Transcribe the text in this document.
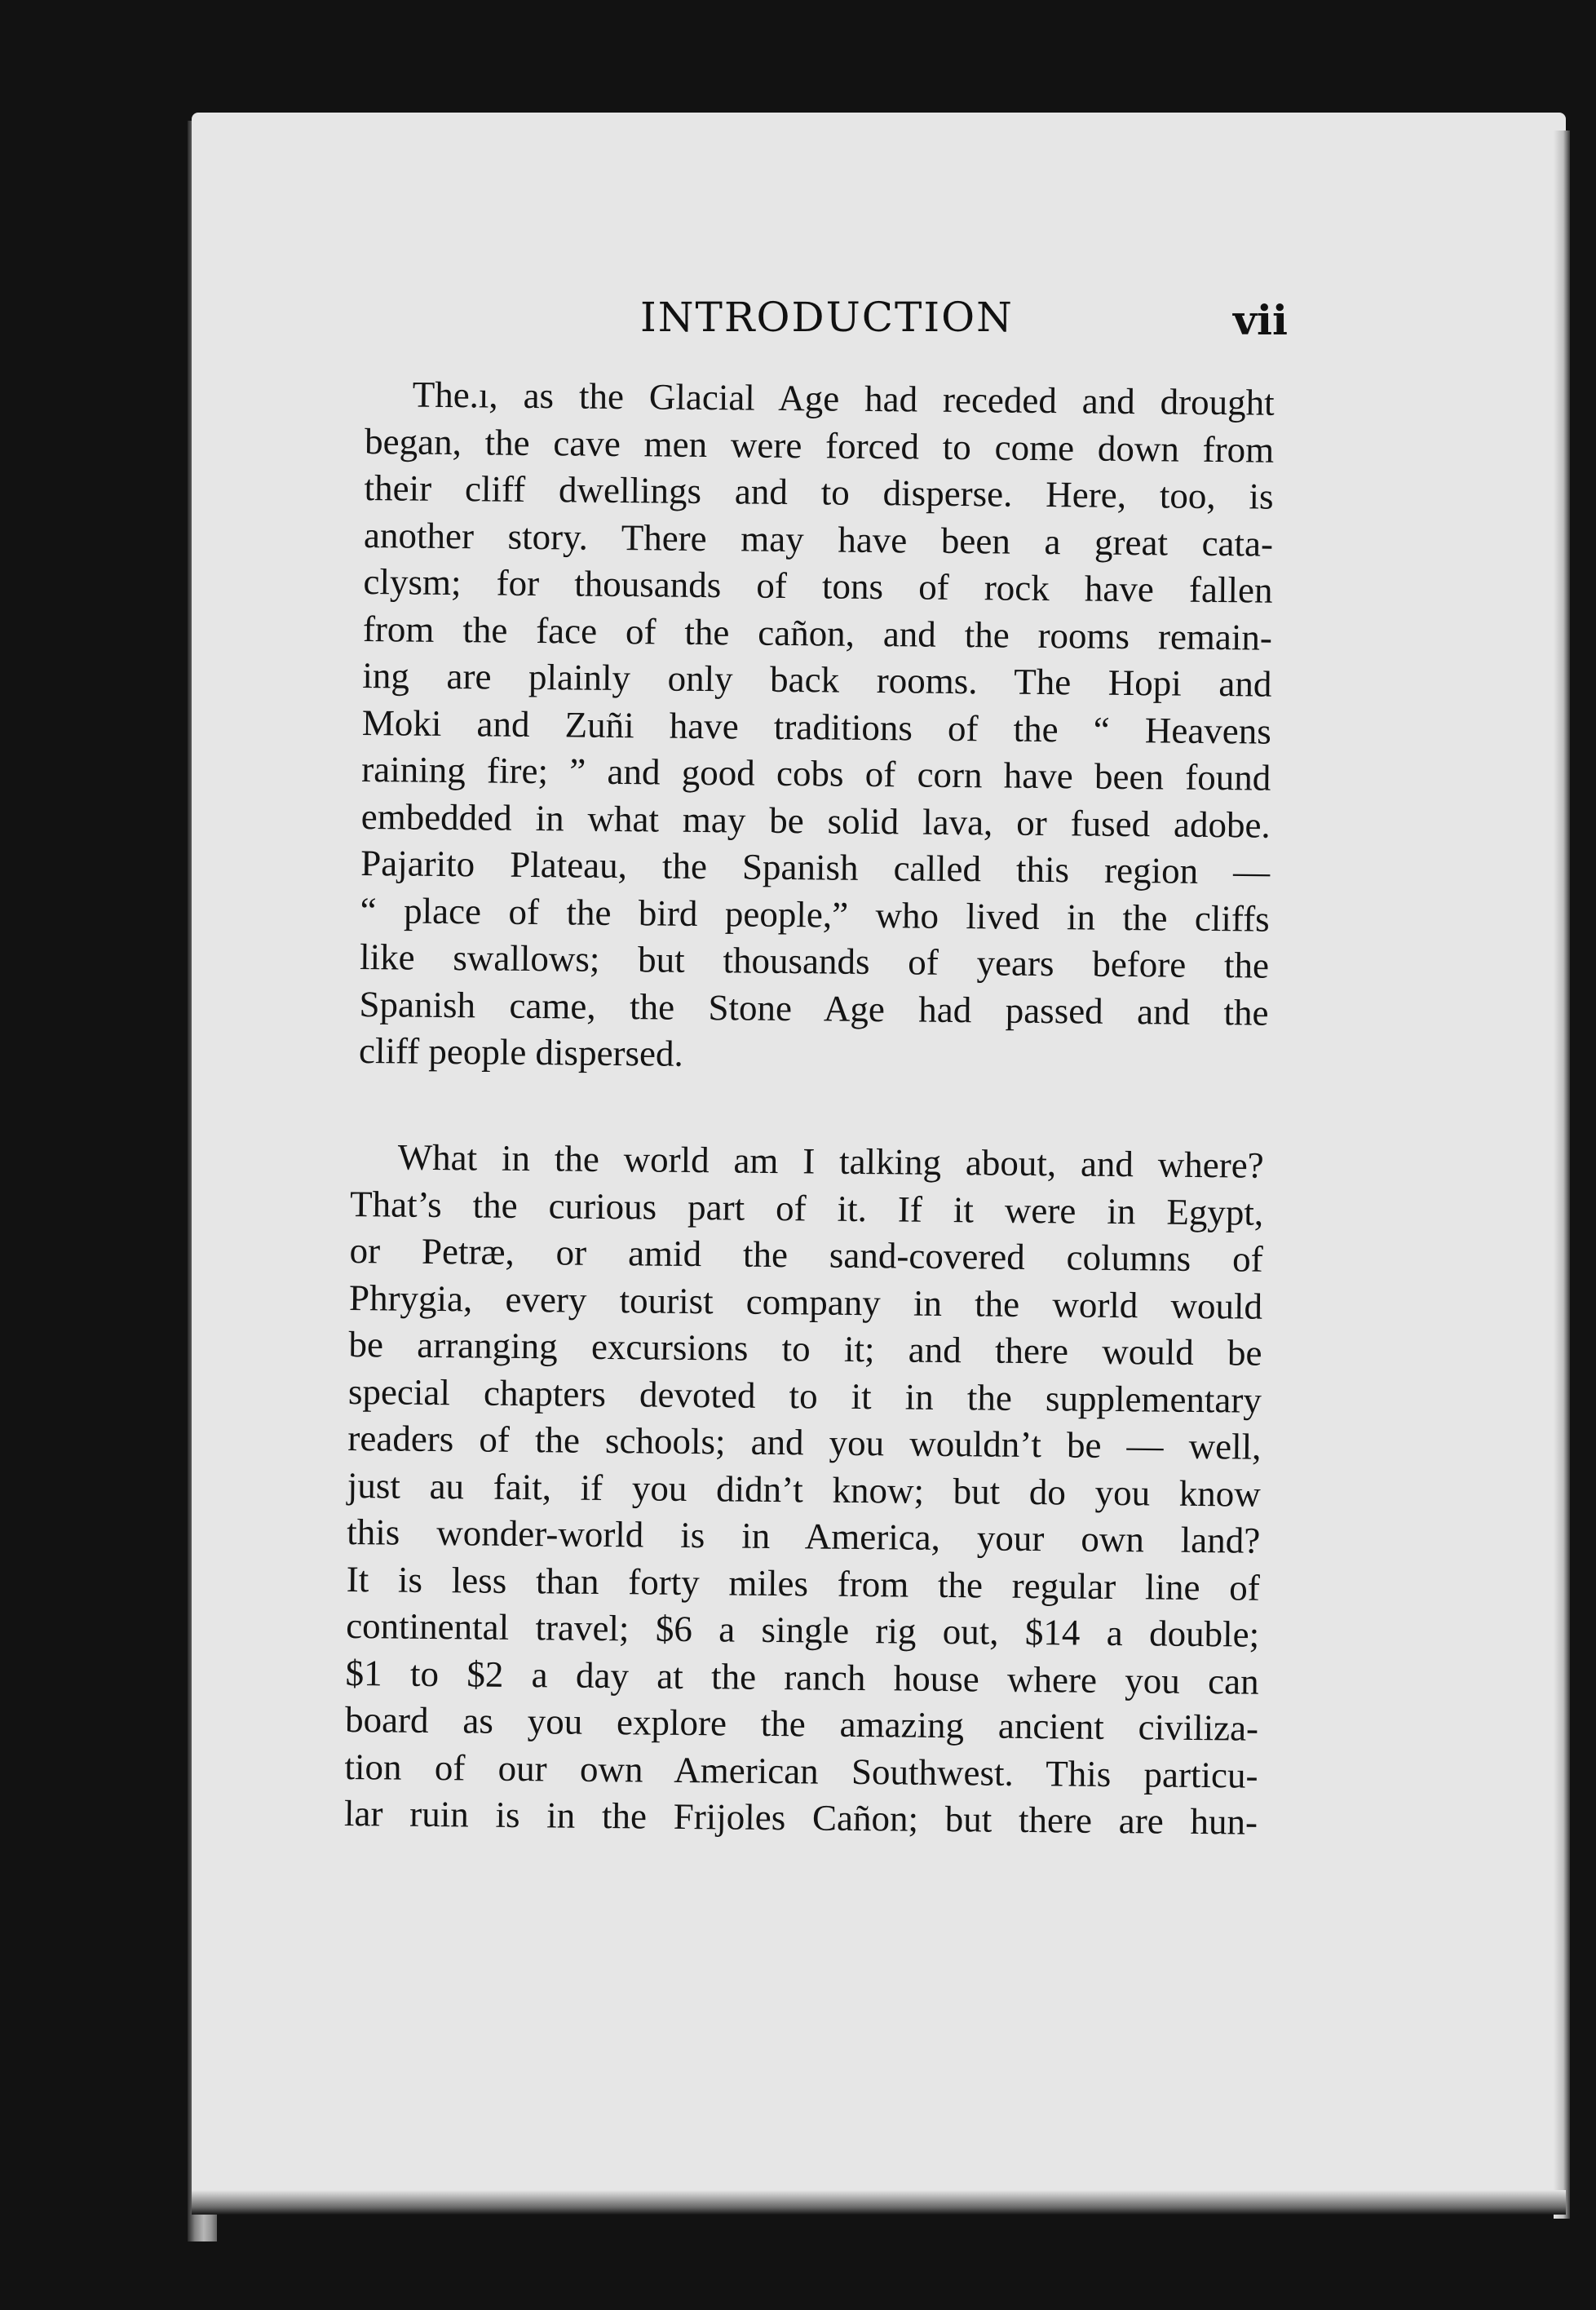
INTRODUCTION	vii
The.ı, as the Glacial Age had receded and drought
began, the cave men were forced to come down from
their cliff dwellings and to disperse. Here, too, is
another story. There may have been a great cata-
clysm; for thousands of tons of rock have fallen
from the face of the cañon, and the rooms remain-
ing are plainly only back rooms. The Hopi and
Moki and Zuñi have traditions of the “ Heavens
raining fire; ” and good cobs of corn have been found
embedded in what may be solid lava, or fused adobe.
Pajarito Plateau, the Spanish called this region —
“ place of the bird people,” who lived in the cliffs
like swallows; but thousands of years before the
Spanish came, the Stone Age had passed and the
cliff people dispersed.
What in the world am I talking about, and where?
That’s the curious part of it. If it were in Egypt,
or Petræ, or amid the sand-covered columns of
Phrygia, every tourist company in the world would
be arranging excursions to it; and there would be
special chapters devoted to it in the supplementary
readers of the schools; and you wouldn’t be — well,
just au fait, if you didn’t know; but do you know
this wonder-world is in America, your own land?
It is less than forty miles from the regular line of
continental travel; $6 a single rig out, $14 a double;
$1 to $2 a day at the ranch house where you can
board as you explore the amazing ancient civiliza-
tion of our own American Southwest. This particu-
lar ruin is in the Frijoles Cañon; but there are hun-
